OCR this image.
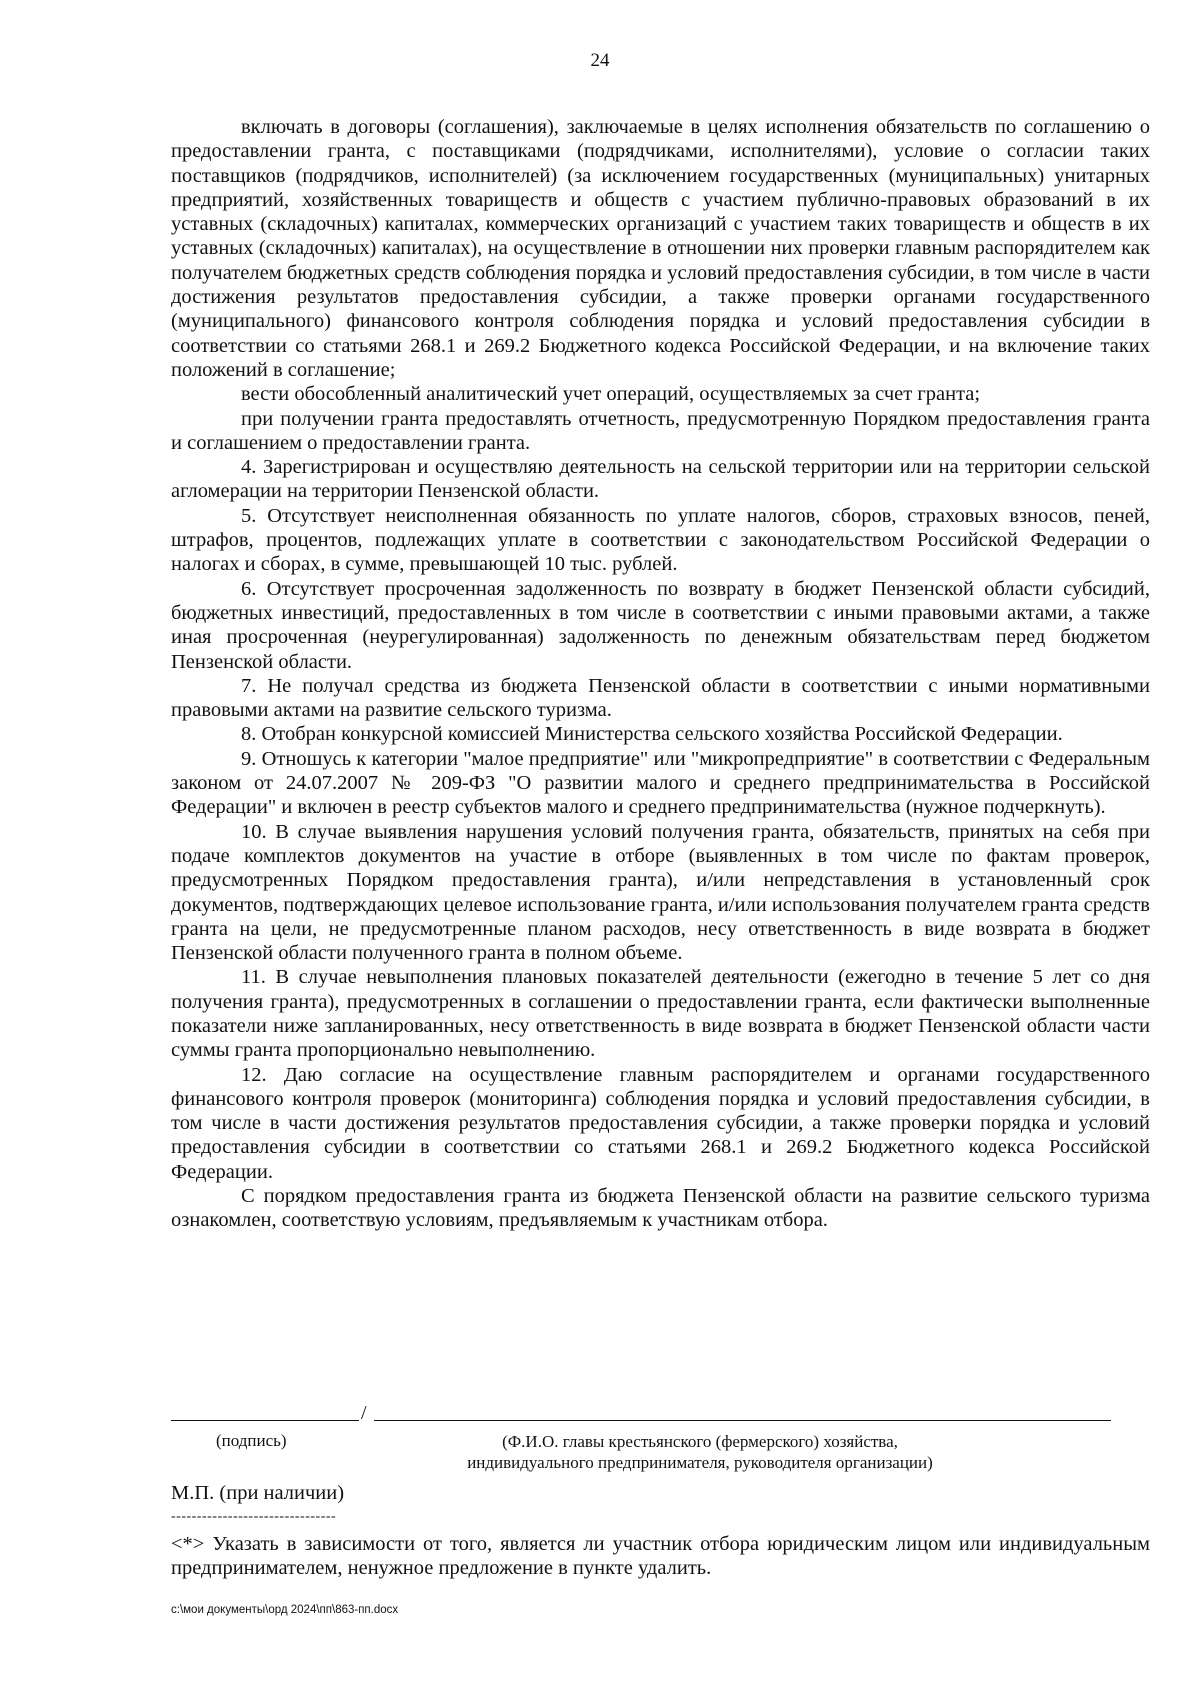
24

включать в договоры (соглашения), заключаемые в целях исполнения обязательств по соглашению о предоставлении гранта, с поставщиками (подрядчиками, исполнителями), условие о согласии таких поставщиков (подрядчиков, исполнителей) (за исключением государственных (муниципальных) унитарных предприятий, хозяйственных товариществ и обществ с участием публично-правовых образований в их уставных (складочных) капиталах, коммерческих организаций с участием таких товариществ и обществ в их уставных (складочных) капиталах), на осуществление в отношении них проверки главным распорядителем как получателем бюджетных средств соблюдения порядка и условий предоставления субсидии, в том числе в части достижения результатов предоставления субсидии, а также проверки органами государственного (муниципального) финансового контроля соблюдения порядка и условий предоставления субсидии в соответствии со статьями 268.1 и 269.2 Бюджетного кодекса Российской Федерации, и на включение таких положений в соглашение;

вести обособленный аналитический учет операций, осуществляемых за счет гранта;

при получении гранта предоставлять отчетность, предусмотренную Порядком предоставления гранта и соглашением о предоставлении гранта.

4. Зарегистрирован и осуществляю деятельность на сельской территории или на территории сельской агломерации на территории Пензенской области.

5. Отсутствует неисполненная обязанность по уплате налогов, сборов, страховых взносов, пеней, штрафов, процентов, подлежащих уплате в соответствии с законодательством Российской Федерации о налогах и сборах, в сумме, превышающей 10 тыс. рублей.

6. Отсутствует просроченная задолженность по возврату в бюджет Пензенской области субсидий, бюджетных инвестиций, предоставленных в том числе в соответствии с иными правовыми актами, а также иная просроченная (неурегулированная) задолженность по денежным обязательствам перед бюджетом Пензенской области.

7. Не получал средства из бюджета Пензенской области в соответствии с иными нормативными правовыми актами на развитие сельского туризма.

8. Отобран конкурсной комиссией Министерства сельского хозяйства Российской Федерации.

9. Отношусь к категории "малое предприятие" или "микропредприятие" в соответствии с Федеральным законом от 24.07.2007 № 209-ФЗ "О развитии малого и среднего предпринимательства в Российской Федерации" и включен в реестр субъектов малого и среднего предпринимательства (нужное подчеркнуть).

10. В случае выявления нарушения условий получения гранта, обязательств, принятых на себя при подаче комплектов документов на участие в отборе (выявленных в том числе по фактам проверок, предусмотренных Порядком предоставления гранта), и/или непредставления в установленный срок документов, подтверждающих целевое использование гранта, и/или использования получателем гранта средств гранта на цели, не предусмотренные планом расходов, несу ответственность в виде возврата в бюджет Пензенской области полученного гранта в полном объеме.

11. В случае невыполнения плановых показателей деятельности (ежегодно в течение 5 лет со дня получения гранта), предусмотренных в соглашении о предоставлении гранта, если фактически выполненные показатели ниже запланированных, несу ответственность в виде возврата в бюджет Пензенской области части суммы гранта пропорционально невыполнению.

12. Даю согласие на осуществление главным распорядителем и органами государственного финансового контроля проверок (мониторинга) соблюдения порядка и условий предоставления субсидии, в том числе в части достижения результатов предоставления субсидии, а также проверки порядка и условий предоставления субсидии в соответствии со статьями 268.1 и 269.2 Бюджетного кодекса Российской Федерации.

С порядком предоставления гранта из бюджета Пензенской области на развитие сельского туризма ознакомлен, соответствую условиям, предъявляемым к участникам отбора.

/
(подпись)	(Ф.И.О. главы крестьянского (фермерского) хозяйства,
индивидуального предпринимателя, руководителя организации)
М.П. (при наличии)
--------------------------------
<*> Указать в зависимости от того, является ли участник отбора юридическим лицом или индивидуальным предпринимателем, ненужное предложение в пункте удалить.
c:\мои документы\орд 2024\пп\863-пп.docx
